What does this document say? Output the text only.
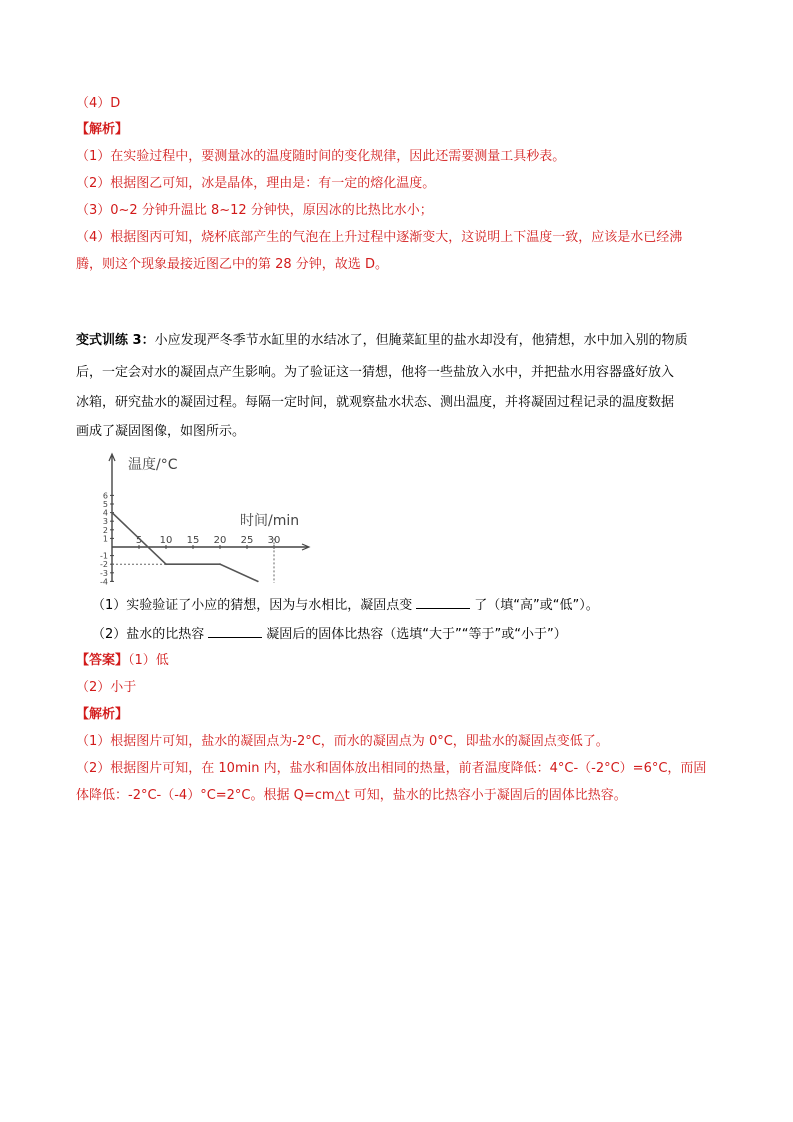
（4）D
【解析】
（1）在实验过程中，要测量冰的温度随时间的变化规律，因此还需要测量工具秒表。
（2）根据图乙可知，冰是晶体，理由是：有一定的熔化温度。
（3）0~2 分钟升温比 8~12 分钟快，原因冰的比热比水小；
（4）根据图丙可知，烧杯底部产生的气泡在上升过程中逐渐变大，这说明上下温度一致，应该是水已经沸
腾，则这个现象最接近图乙中的第 28 分钟，故选 D。
变式训练 3：小应发现严冬季节水缸里的水结冰了，但腌菜缸里的盐水却没有，他猜想，水中加入别的物质
后，一定会对水的凝固点产生影响。为了验证这一猜想，他将一些盐放入水中，并把盐水用容器盛好放入
冰箱，研究盐水的凝固过程。每隔一定时间，就观察盐水状态、测出温度，并将凝固过程记录的温度数据
画成了凝固图像，如图所示。
6
5
4
3
2
1
-1
-2
-3
-4
5 10 15 20 25 30
温度/°C
时间/min
（1）实验验证了小应的猜想，因为与水相比，凝固点变	了（填“高”或“低”）。
（2）盐水的比热容	凝固后的固体比热容（选填“大于”“等于”或“小于”）
【答案】（1）低
（2）小于
【解析】
（1）根据图片可知，盐水的凝固点为-2°C，而水的凝固点为 0°C，即盐水的凝固点变低了。
（2）根据图片可知，在 10min 内，盐水和固体放出相同的热量，前者温度降低：4°C-（-2°C）=6°C，而固
体降低：-2°C-（-4）°C=2°C。根据 Q=cm△t 可知，盐水的比热容小于凝固后的固体比热容。
